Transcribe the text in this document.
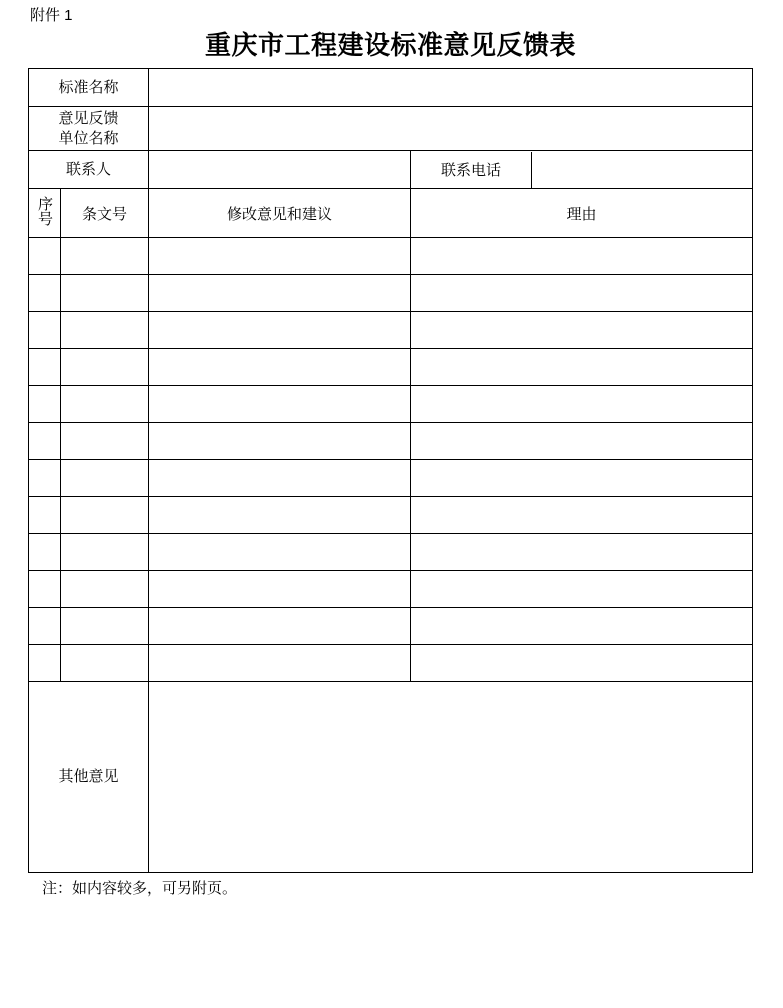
附件 1
重庆市工程建设标准意见反馈表
标准名称	

意见反馈
单位名称

联系人			联系电话	

序号	条文号	修改意见和建议	理由

其他意见	
注：如内容较多，可另附页。
